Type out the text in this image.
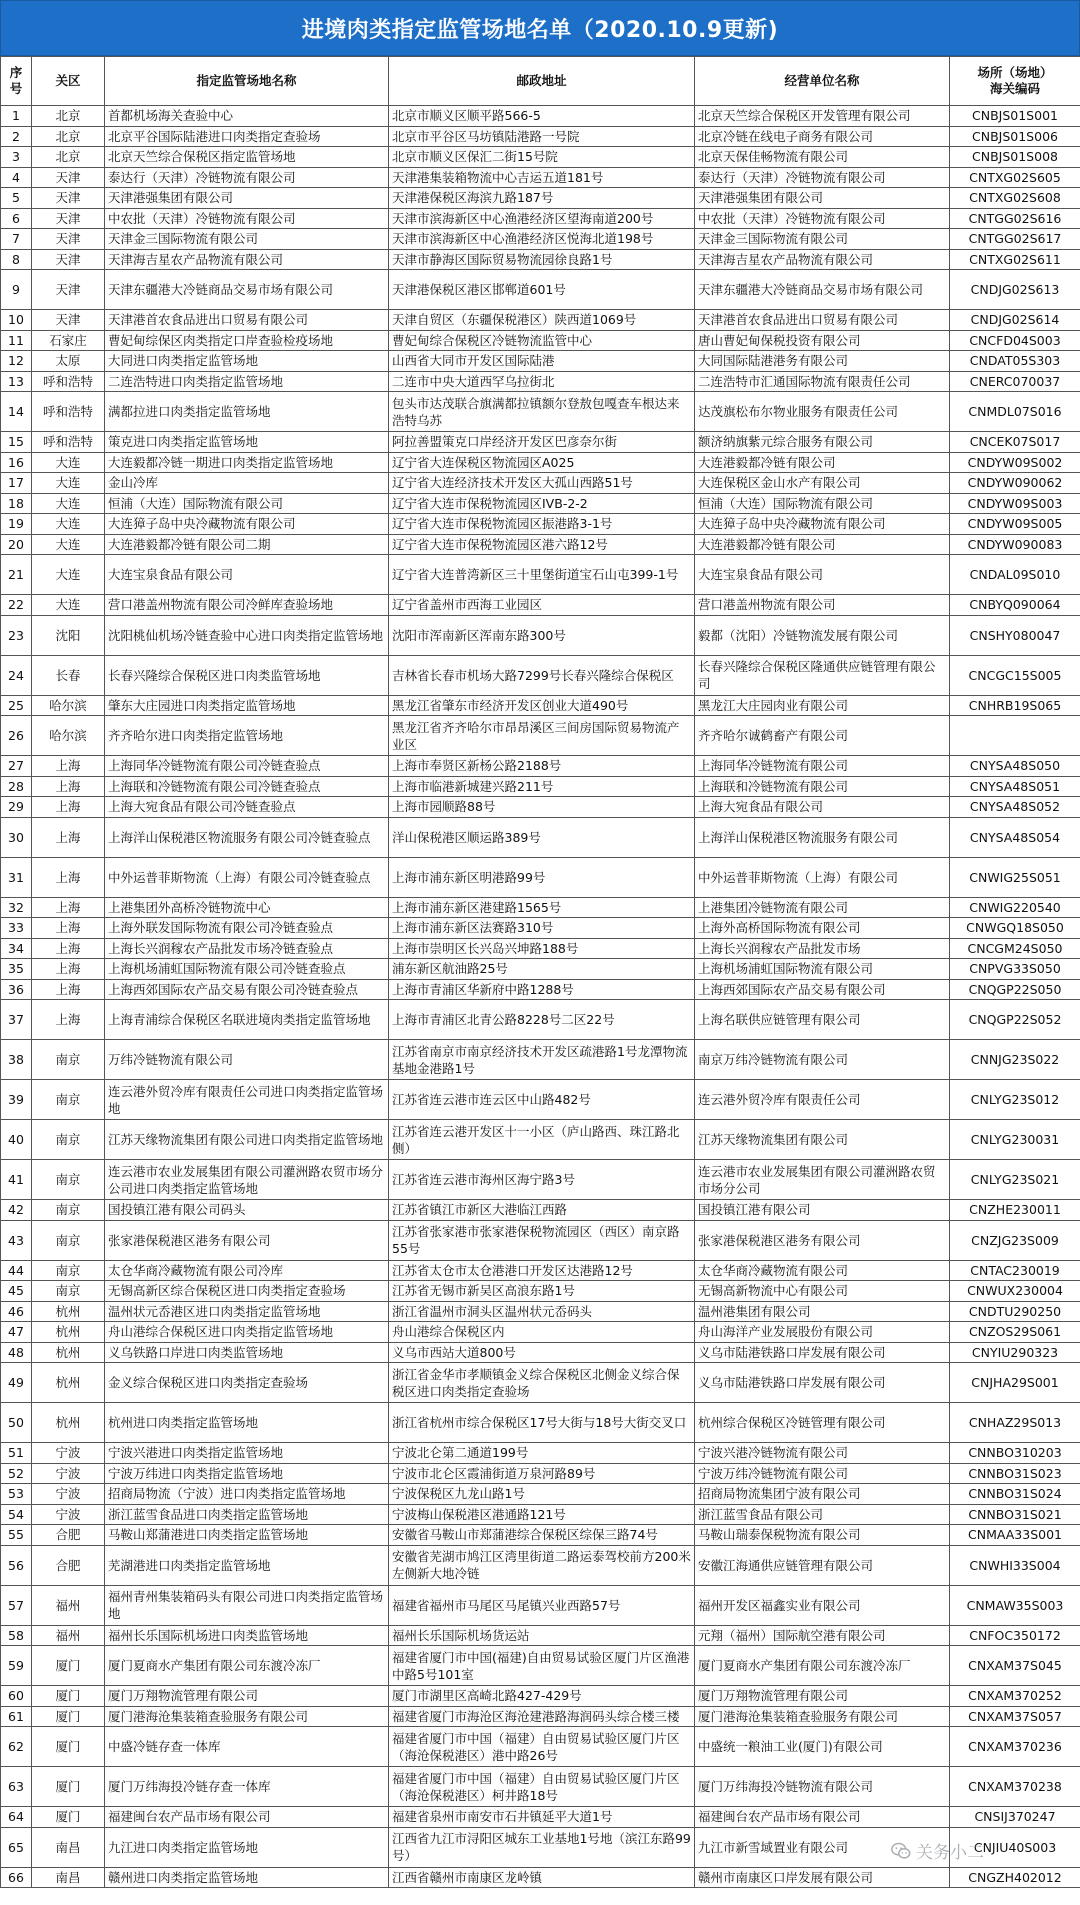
进境肉类指定监管场地名单（2020.10.9更新)
序号	关区	指定监管场地名称	邮政地址	经营单位名称	场所（场地）
海关编码
1	北京	首都机场海关查验中心	北京市顺义区顺平路566-5	北京天竺综合保税区开发管理有限公司	CNBJS01S001
2	北京	北京平谷国际陆港进口肉类指定查验场	北京市平谷区马坊镇陆港路一号院	北京冷链在线电子商务有限公司	CNBJS01S006
3	北京	北京天竺综合保税区指定监管场地	北京市顺义区保汇二街15号院	北京天保佳畅物流有限公司	CNBJS01S008
4	天津	泰达行（天津）冷链物流有限公司	天津港集装箱物流中心吉运五道181号	泰达行（天津）冷链物流有限公司	CNTXG02S605
5	天津	天津港强集团有限公司	天津港保税区海滨九路187号	天津港强集团有限公司	CNTXG02S608
6	天津	中农批（天津）冷链物流有限公司	天津市滨海新区中心渔港经济区望海南道200号	中农批（天津）冷链物流有限公司	CNTGG02S616
7	天津	天津金三国际物流有限公司	天津市滨海新区中心渔港经济区悦海北道198号	天津金三国际物流有限公司	CNTGG02S617
8	天津	天津海吉星农产品物流有限公司	天津市静海区国际贸易物流园徐良路1号	天津海吉星农产品物流有限公司	CNTXG02S611
9	天津	天津东疆港大冷链商品交易市场有限公司	天津港保税区港区邯郸道601号	天津东疆港大冷链商品交易市场有限公司	CNDJG02S613
10	天津	天津港首农食品进出口贸易有限公司	天津自贸区（东疆保税港区）陕西道1069号	天津港首农食品进出口贸易有限公司	CNDJG02S614
11	石家庄	曹妃甸综保区肉类指定口岸查验检疫场地	曹妃甸综合保税区冷链物流监管中心	唐山曹妃甸保税投资有限公司	CNCFD04S003
12	太原	大同进口肉类指定监管场地	山西省大同市开发区国际陆港	大同国际陆港港务有限公司	CNDAT05S303
13	呼和浩特	二连浩特进口肉类指定监管场地	二连市中央大道西罕乌拉街北	二连浩特市汇通国际物流有限责任公司	CNERC070037
14	呼和浩特	满都拉进口肉类指定监管场地	包头市达茂联合旗满都拉镇额尔登敖包嘎查车根达来浩特乌苏	达茂旗松布尔物业服务有限责任公司	CNMDL07S016
15	呼和浩特	策克进口肉类指定监管场地	阿拉善盟策克口岸经济开发区巴彦奈尔街	额济纳旗紫元综合服务有限公司	CNCEK07S017
16	大连	大连毅都冷链一期进口肉类指定监管场地	辽宁省大连保税区物流园区A025	大连港毅都冷链有限公司	CNDYW09S002
17	大连	金山冷库	辽宁省大连经济技术开发区大孤山西路51号	大连保税区金山水产有限公司	CNDYW090062
18	大连	恒浦（大连）国际物流有限公司	辽宁省大连市保税物流园区IVB-2-2	恒浦（大连）国际物流有限公司	CNDYW09S003
19	大连	大连獐子岛中央冷藏物流有限公司	辽宁省大连市保税物流园区振港路3-1号	大连獐子岛中央冷藏物流有限公司	CNDYW09S005
20	大连	大连港毅都冷链有限公司二期	辽宁省大连市保税物流园区港六路12号	大连港毅都冷链有限公司	CNDYW090083
21	大连	大连宝泉食品有限公司	辽宁省大连普湾新区三十里堡街道宝石山屯399-1号	大连宝泉食品有限公司	CNDAL09S010
22	大连	营口港盖州物流有限公司冷鲜库查验场地	辽宁省盖州市西海工业园区	营口港盖州物流有限公司	CNBYQ090064
23	沈阳	沈阳桃仙机场冷链查验中心进口肉类指定监管场地	沈阳市浑南新区浑南东路300号	毅都（沈阳）冷链物流发展有限公司	CNSHY080047
24	长春	长春兴隆综合保税区进口肉类监管场地	吉林省长春市机场大路7299号长春兴隆综合保税区	长春兴隆综合保税区隆通供应链管理有限公司	CNCGC15S005
25	哈尔滨	肇东大庄园进口肉类指定监管场地	黑龙江省肇东市经济开发区创业大道490号	黑龙江大庄园肉业有限公司	CNHRB19S065
26	哈尔滨	齐齐哈尔进口肉类指定监管场地	黑龙江省齐齐哈尔市昂昂溪区三间房国际贸易物流产业区	齐齐哈尔诚鹤畜产有限公司	
27	上海	上海同华冷链物流有限公司冷链查验点	上海市奉贤区新杨公路2188号	上海同华冷链物流有限公司	CNYSA48S050
28	上海	上海联和冷链物流有限公司冷链查验点	上海市临港新城建兴路211号	上海联和冷链物流有限公司	CNYSA48S051
29	上海	上海大宛食品有限公司冷链查验点	上海市园顺路88号	上海大宛食品有限公司	CNYSA48S052
30	上海	上海洋山保税港区物流服务有限公司冷链查验点	洋山保税港区顺运路389号	上海洋山保税港区物流服务有限公司	CNYSA48S054
31	上海	中外运普菲斯物流（上海）有限公司冷链查验点	上海市浦东新区明港路99号	中外运普菲斯物流（上海）有限公司	CNWIG25S051
32	上海	上港集团外高桥冷链物流中心	上海市浦东新区港建路1565号	上港集团冷链物流有限公司	CNWIG220540
33	上海	上海外联发国际物流有限公司冷链查验点	上海市浦东新区法赛路310号	上海外高桥国际物流有限公司	CNWGQ18S050
34	上海	上海长兴润稼农产品批发市场冷链查验点	上海市崇明区长兴岛兴坤路188号	上海长兴润稼农产品批发市场	CNCGM24S050
35	上海	上海机场浦虹国际物流有限公司冷链查验点	浦东新区航油路25号	上海机场浦虹国际物流有限公司	CNPVG33S050
36	上海	上海西郊国际农产品交易有限公司冷链查验点	上海市青浦区华新府中路1288号	上海西郊国际农产品交易有限公司	CNQGP22S050
37	上海	上海青浦综合保税区名联进境肉类指定监管场地	上海市青浦区北青公路8228号二区22号	上海名联供应链管理有限公司	CNQGP22S052
38	南京	万纬冷链物流有限公司	江苏省南京市南京经济技术开发区疏港路1号龙潭物流基地金港路1号	南京万纬冷链物流有限公司	CNNJG23S022
39	南京	连云港外贸冷库有限责任公司进口肉类指定监管场地	江苏省连云港市连云区中山路482号	连云港外贸冷库有限责任公司	CNLYG23S012
40	南京	江苏天缘物流集团有限公司进口肉类指定监管场地	江苏省连云港开发区十一小区（庐山路西、珠江路北侧）	江苏天缘物流集团有限公司	CNLYG230031
41	南京	连云港市农业发展集团有限公司灌洲路农贸市场分公司进口肉类指定监管场地	江苏省连云港市海州区海宁路3号	连云港市农业发展集团有限公司灌洲路农贸市场分公司	CNLYG23S021
42	南京	国投镇江港有限公司码头	江苏省镇江市新区大港临江西路	国投镇江港有限公司	CNZHE230011
43	南京	张家港保税港区港务有限公司	江苏省张家港市张家港保税物流园区（西区）南京路55号	张家港保税港区港务有限公司	CNZJG23S009
44	南京	太仓华商冷藏物流有限公司冷库	江苏省太仓市太仓港港口开发区达港路12号	太仓华商冷藏物流有限公司	CNTAC230019
45	南京	无锡高新区综合保税区进口肉类指定查验场	江苏省无锡市新吴区高浪东路1号	无锡高新物流中心有限公司	CNWUX230004
46	杭州	温州状元岙港区进口肉类指定监管场地	浙江省温州市洞头区温州状元岙码头	温州港集团有限公司	CNDTU290250
47	杭州	舟山港综合保税区进口肉类指定监管场地	舟山港综合保税区内	舟山海洋产业发展股份有限公司	CNZOS29S061
48	杭州	义乌铁路口岸进口肉类监管场地	义乌市西站大道800号	义乌市陆港铁路口岸发展有限公司	CNYIU290323
49	杭州	金义综合保税区进口肉类指定查验场	浙江省金华市孝顺镇金义综合保税区北侧金义综合保税区进口肉类指定查验场	义乌市陆港铁路口岸发展有限公司	CNJHA29S001
50	杭州	杭州进口肉类指定监管场地	浙江省杭州市综合保税区17号大街与18号大街交叉口	杭州综合保税区冷链管理有限公司	CNHAZ29S013
51	宁波	宁波兴港进口肉类指定监管场地	宁波北仑第二通道199号	宁波兴港冷链物流有限公司	CNNBO310203
52	宁波	宁波万纬进口肉类指定监管场地	宁波市北仑区霞浦街道万泉河路89号	宁波万纬冷链物流有限公司	CNNBO31S023
53	宁波	招商局物流（宁波）进口肉类指定监管场地	宁波保税区九龙山路1号	招商局物流集团宁波有限公司	CNNBO31S024
54	宁波	浙江蓝雪食品进口肉类指定监管场地	宁波梅山保税港区港通路121号	浙江蓝雪食品有限公司	CNNBO31S021
55	合肥	马鞍山郑蒲港进口肉类指定监管场地	安徽省马鞍山市郑蒲港综合保税区综保三路74号	马鞍山瑞泰保税物流有限公司	CNMAA33S001
56	合肥	芜湖港进口肉类指定监管场地	安徽省芜湖市鸠江区湾里街道二路运泰驾校前方200米左侧新大地冷链	安徽江海通供应链管理有限公司	CNWHI33S004
57	福州	福州青州集装箱码头有限公司进口肉类指定监管场地	福建省福州市马尾区马尾镇兴业西路57号	福州开发区福鑫实业有限公司	CNMAW35S003
58	福州	福州长乐国际机场进口肉类监管场地	福州长乐国际机场货运站	元翔（福州）国际航空港有限公司	CNFOC350172
59	厦门	厦门夏商水产集团有限公司东渡冷冻厂	福建省厦门市中国(福建)自由贸易试验区厦门片区渔港中路5号101室	厦门夏商水产集团有限公司东渡冷冻厂	CNXAM37S045
60	厦门	厦门万翔物流管理有限公司	厦门市湖里区高崎北路427-429号	厦门万翔物流管理有限公司	CNXAM370252
61	厦门	厦门港海沧集装箱查验服务有限公司	福建省厦门市海沧区海沧建港路海润码头综合楼三楼	厦门港海沧集装箱查验服务有限公司	CNXAM37S057
62	厦门	中盛冷链存查一体库	福建省厦门市中国（福建）自由贸易试验区厦门片区（海沧保税港区）港中路26号	中盛统一粮油工业(厦门)有限公司	CNXAM370236
63	厦门	厦门万纬海投冷链存查一体库	福建省厦门市中国（福建）自由贸易试验区厦门片区（海沧保税港区）柯井路18号	厦门万纬海投冷链物流有限公司	CNXAM370238
64	厦门	福建闽台农产品市场有限公司	福建省泉州市南安市石井镇延平大道1号	福建闽台农产品市场有限公司	CNSIJ370247
65	南昌	九江进口肉类指定监管场地	江西省九江市浔阳区城东工业基地1号地（滨江东路99号）	九江市新雪域置业有限公司	CNJIU40S003
66	南昌	赣州进口肉类指定监管场地	江西省赣州市南康区龙岭镇	赣州市南康区口岸发展有限公司	CNGZH402012
关务小二
